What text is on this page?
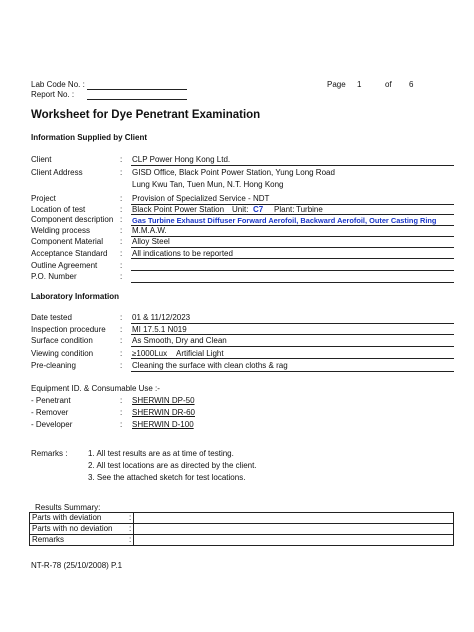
Lab Code No. :
Report No. :
Page 1	of 6
Worksheet for Dye Penetrant Examination
Information Supplied by Client
Client	: CLP Power Hong Kong Ltd.
Client Address	: GISD Office, Black Point Power Station, Yung Long Road
Lung Kwu Tan, Tuen Mun, N.T. Hong Kong
Project	: Provision of Specialized Service - NDT
Location of test	: Black Point Power Station Unit: C7 Plant: Turbine
Component description : Gas Turbine Exhaust Diffuser Forward Aerofoil, Backward Aerofoil, Outer Casting Ring
Welding process	: M.M.A.W.
Component Material : Alloy Steel
Acceptance Standard : All indications to be reported
Outline Agreement	:
P.O. Number	:
Laboratory Information
Date tested	: 01 & 11/12/2023
Inspection procedure : MI 17.5.1 N019
Surface condition	: As Smooth, Dry and Clean
Viewing condition	: ≥1000Lux Artificial Light
Pre-cleaning	: Cleaning the surface with clean cloths & rag
Equipment ID. & Consumable Use :-
- Penetrant	: SHERWIN DP-50
- Remover	: SHERWIN DR-60
- Developer	: SHERWIN D-100
Remarks :	1. All test results are as at time of testing.
2. All test locations are as directed by the client.
3. See the attached sketch for test locations.
Results Summary:
Parts with deviation	:	
Parts with no deviation	:	
Remarks	:	
NT-R-78 (25/10/2008) P.1
